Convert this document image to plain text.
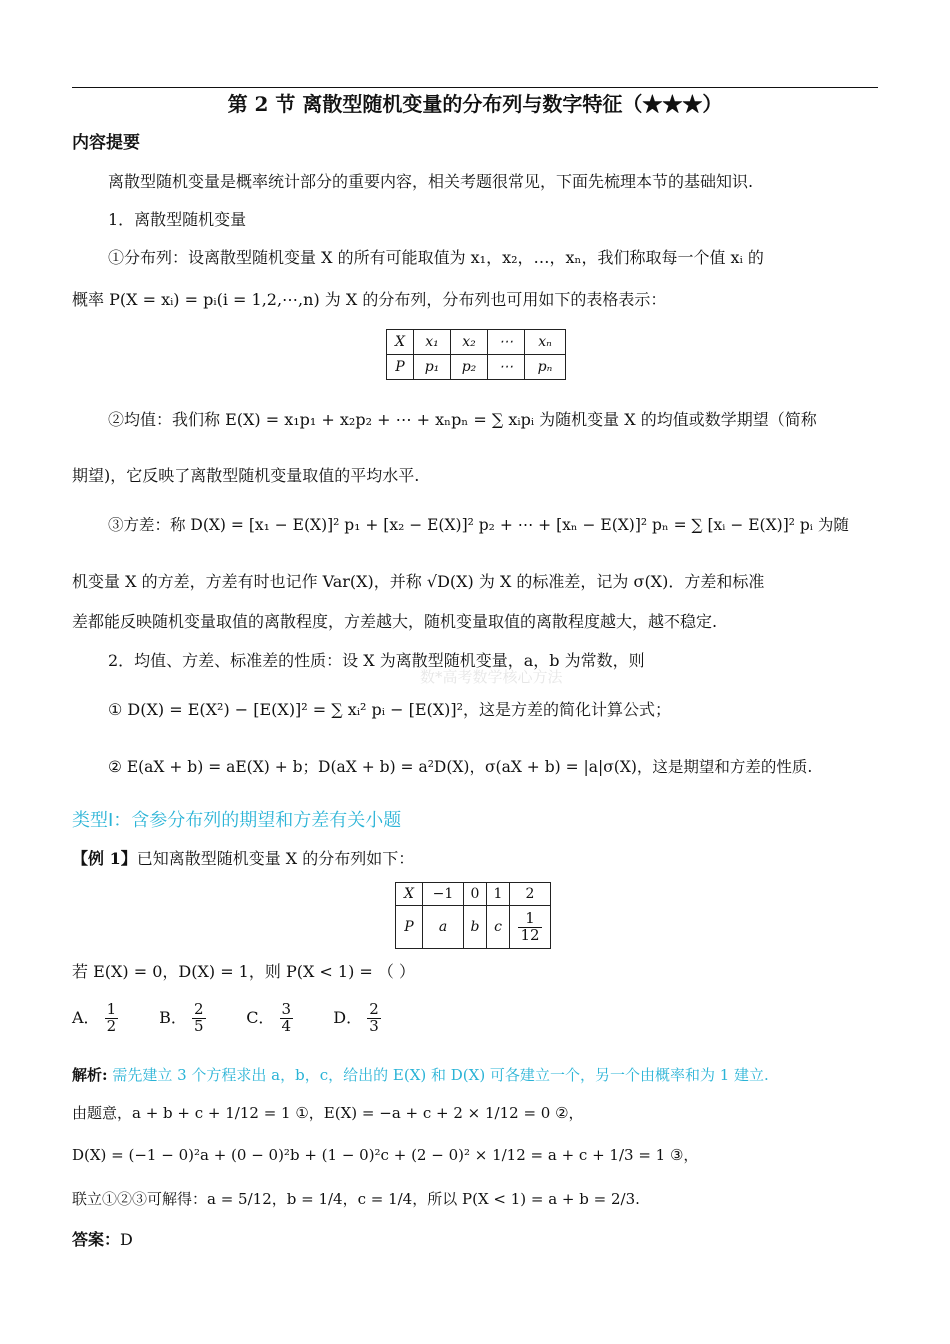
第 2 节 离散型随机变量的分布列与数字特征（★★★）
内容提要
离散型随机变量是概率统计部分的重要内容，相关考题很常见，下面先梳理本节的基础知识.
1．离散型随机变量
①分布列：设离散型随机变量 X 的所有可能取值为 x₁，x₂，…，xₙ，我们称取每一个值 xᵢ 的
概率 P(X = xᵢ) = pᵢ(i = 1,2,⋯,n) 为 X 的分布列，分布列也可用如下的表格表示：
X	x₁	x₂	⋯	xₙ
P	p₁	p₂	⋯	pₙ
②均值：我们称 E(X) = x₁p₁ + x₂p₂ + ⋯ + xₙpₙ = ∑ xᵢpᵢ 为随机变量 X 的均值或数学期望（简称
期望)，它反映了离散型随机变量取值的平均水平.
③方差：称 D(X) = [x₁ − E(X)]² p₁ + [x₂ − E(X)]² p₂ + ⋯ + [xₙ − E(X)]² pₙ = ∑ [xᵢ − E(X)]² pᵢ 为随
机变量 X 的方差，方差有时也记作 Var(X)，并称 √D(X) 为 X 的标准差，记为 σ(X)．方差和标准
差都能反映随机变量取值的离散程度，方差越大，随机变量取值的离散程度越大，越不稳定.
2．均值、方差、标准差的性质：设 X 为离散型随机变量，a，b 为常数，则
数*高考数学核心方法
① D(X) = E(X²) − [E(X)]² = ∑ xᵢ² pᵢ − [E(X)]²，这是方差的简化计算公式；
② E(aX + b) = aE(X) + b；D(aX + b) = a²D(X)，σ(aX + b) = |a|σ(X)，这是期望和方差的性质.
类型Ⅰ：含参分布列的期望和方差有关小题
【例 1】已知离散型随机变量 X 的分布列如下：
X	−1	0	1	2
P	a	b	c	$\frac{1}{12}$
若 E(X) = 0，D(X) = 1，则 P(X < 1) = （ ）
A． $\frac{1}{2}$	B． $\frac{2}{5}$	C． $\frac{3}{4}$	D． $\frac{2}{3}$
解析: 需先建立 3 个方程求出 a，b，c，给出的 E(X) 和 D(X) 可各建立一个，另一个由概率和为 1 建立.
由题意，a + b + c + 1/12 = 1 ①，E(X) = −a + c + 2 × 1/12 = 0 ②，
D(X) = (−1 − 0)²a + (0 − 0)²b + (1 − 0)²c + (2 − 0)² × 1/12 = a + c + 1/3 = 1 ③，
联立①②③可解得：a = 5/12，b = 1/4，c = 1/4，所以 P(X < 1) = a + b = 2/3.
答案：D
